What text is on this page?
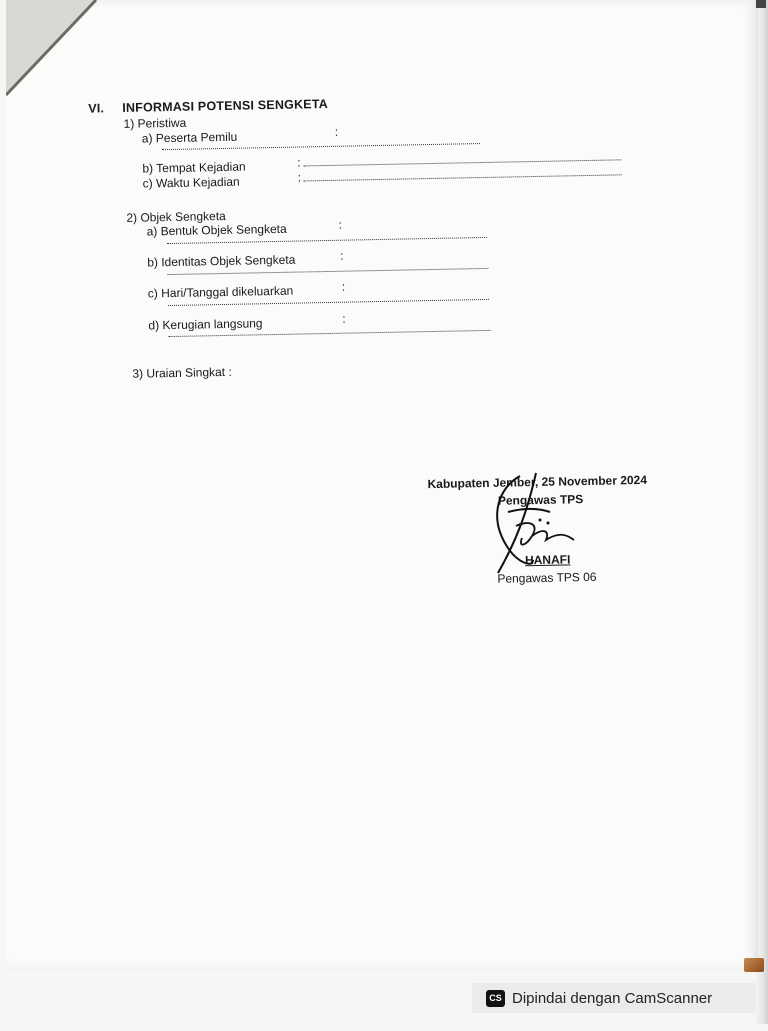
VI. INFORMASI POTENSI SENGKETA
1) Peristiwa
a) Peserta Pemilu	:
b) Tempat Kejadian	:
c) Waktu Kejadian	:
2) Objek Sengketa
a) Bentuk Objek Sengketa	:
b) Identitas Objek Sengketa	:
c) Hari/Tanggal dikeluarkan	:
d) Kerugian langsung	:
3) Uraian Singkat :
Kabupaten Jember, 25 November 2024
Pengawas TPS
HANAFI
Pengawas TPS 06
CS Dipindai dengan CamScanner
